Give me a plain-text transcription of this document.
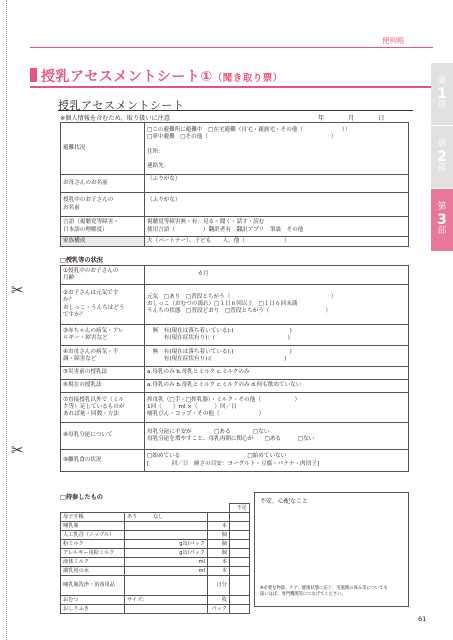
✂
✂
便利帳
授乳アセスメントシート①（聞き取り票）	第
1
部
第
2
部
第
3
部
授乳アセスメントシート
※個人情報を含むため、取り扱いに注意	年 月 日
避難状況	□この避難所に避難中　□在宅避難（自宅・親族宅・その他（　　　　　　　））
□車中避難　□その他（　　　　　　　　　　　　　　　　　　　　　　）

住所：

連絡先：
お母さんのお名前	（ふりがな）

授乳中のお子さんの
お名前	（ふりがな）

言語（視聴覚等障害・
日本語の理解度）	視聴覚等障害無・有：見る・聞く・話す・読む
使用言語（　　　　　）翻訳者有　翻訳アプリ　筆談　その他
家族構成	夫（パートナー）、子ども　　人、他（　　　　　　　）
□授乳等の状況
①授乳中のお子さんの
月齢	　　　　　　　　　カ月
②お子さんは元気です
か？
おしっこ・うんちはどう
ですか？	元気　□あり　□普段とちがう（　　　　　　　　　　　　　　　　　　）
おしっこ（おむつの濡れ）□１日６回以上　□１日６回未満
うんちの状態　□普段どおり　□普段とちがう（　　　　　　　　　　）
③赤ちゃんの病気・アレ
ルギー・障害など	　無　有(現在は落ち着いている):(　　　　　　　　　　)
　　　有(現在症状有り)：(　　　　　　　　　　　　　)
④お母さんの病気・不
調・障害など	　無　有(現在は落ち着いている):(　　　　　　　　　　)
　　　有(現在症状有り):(　　　　　　　　　　　　　)
⑤災害前の授乳法	a.母乳のみ b.母乳とミルク c.ミルクのみ
⑥現在の授乳法	a.母乳のみ b.母乳とミルク c.ミルクのみ d.何も飲めていない
⑦直接授乳以外で（ミル
ク等）足しているものが
あれば量・回数・方法	搾母乳（□手・□搾乳器）・ミルク・その他（　　　　　　）
1回（　　）ml ×（　　　）回／日
哺乳びん・コップ・その他（　　　　　　　）
⑧母乳分泌について	母乳分泌に不安が　　　　□ある　　　　□ない
母乳分泌を増やすこと、母乳再開に関心が　　□ある　　　□ない
⑨離乳食の状況	□始めている　　　　　　　　　　　　□始めていない
[　　　　回／日　硬さの目安：ヨーグルト・豆腐・バナナ・肉団子]
□持参したもの
			不足
母子手帳	あり　　　なし		
哺乳瓶		本	
人工乳首（ニップル）		個	
粉ミルク	g缶/パック	個	
アレルギー用粉ミルク	g缶/パック	個	
液体ミルク	ml	本	
調乳用の水	ml	本	
哺乳瓶洗浄・消毒用品		日分	
おむつ	サイズ：	枚	
おしりふき		パック	
不安、心配なこと
※必要な物資、ケア、健康状態に応じ、実施関の保み等についても
扱いはば、専門機関等につなげてください。
61
